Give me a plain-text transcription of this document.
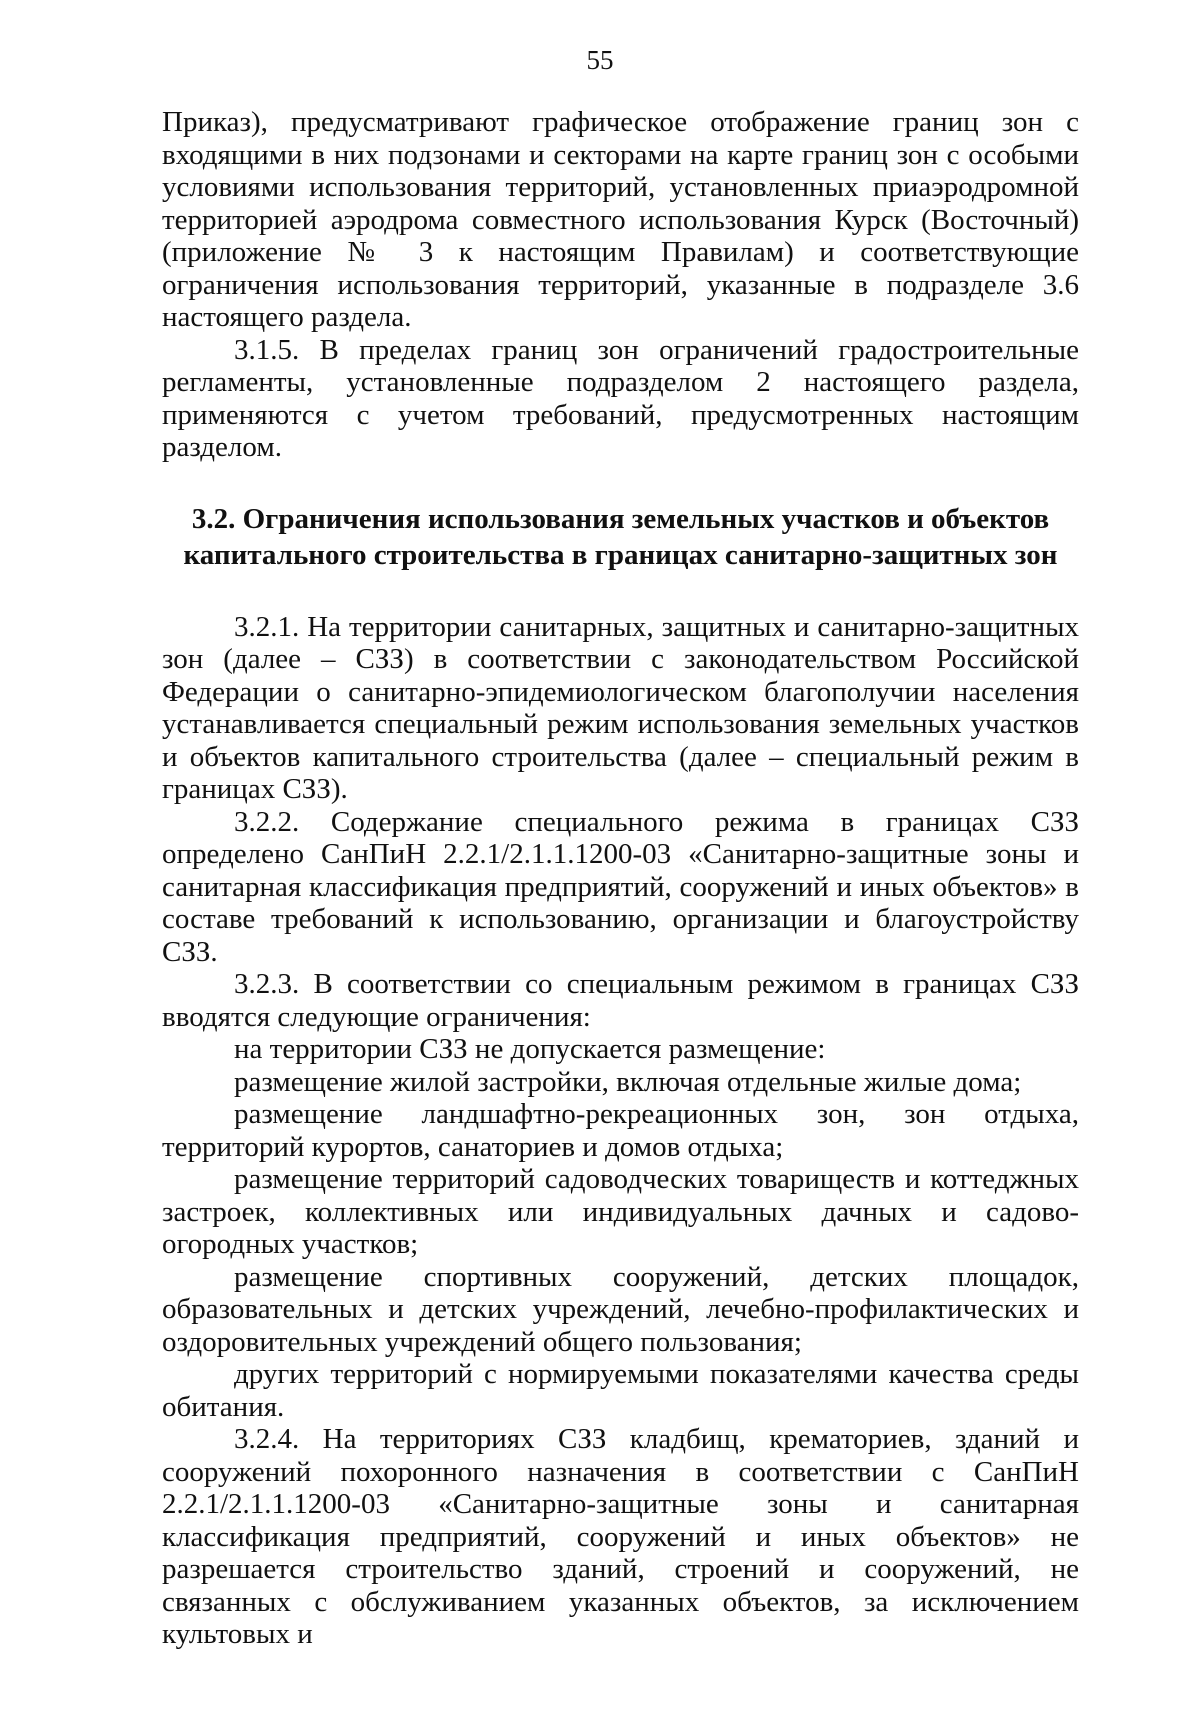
55

Приказ), предусматривают графическое отображение границ зон с входящими в них подзонами и секторами на карте границ зон с особыми условиями использования территорий, установленных приаэродромной территорией аэродрома совместного использования Курск (Восточный) (приложение № 3 к настоящим Правилам) и соответствующие ограничения использования территорий, указанные в подразделе 3.6 настоящего раздела.

3.1.5. В пределах границ зон ограничений градостроительные регламенты, установленные подразделом 2 настоящего раздела, применяются с учетом требований, предусмотренных настоящим разделом.

3.2. Ограничения использования земельных участков и объектов
капитального строительства в границах санитарно-защитных зон

3.2.1. На территории санитарных, защитных и санитарно-защитных зон (далее – СЗЗ) в соответствии с законодательством Российской Федерации о санитарно-эпидемиологическом благополучии населения устанавливается специальный режим использования земельных участков и объектов капитального строительства (далее – специальный режим в границах СЗЗ).

3.2.2. Содержание специального режима в границах СЗЗ определено СанПиН 2.2.1/2.1.1.1200-03 «Санитарно-защитные зоны и санитарная классификация предприятий, сооружений и иных объектов» в составе требований к использованию, организации и благоустройству СЗЗ.

3.2.3. В соответствии со специальным режимом в границах СЗЗ вводятся следующие ограничения:

на территории СЗЗ не допускается размещение:

размещение жилой застройки, включая отдельные жилые дома;

размещение ландшафтно-рекреационных зон, зон отдыха, территорий курортов, санаториев и домов отдыха;

размещение территорий садоводческих товариществ и коттеджных застроек, коллективных или индивидуальных дачных и садово-огородных участков;

размещение спортивных сооружений, детских площадок, образовательных и детских учреждений, лечебно-профилактических и оздоровительных учреждений общего пользования;

других территорий с нормируемыми показателями качества среды обитания.

3.2.4. На территориях СЗЗ кладбищ, крематориев, зданий и сооружений похоронного назначения в соответствии с СанПиН 2.2.1/2.1.1.1200-03 «Санитарно-защитные зоны и санитарная классификация предприятий, сооружений и иных объектов» не разрешается строительство зданий, строений и сооружений, не связанных с обслуживанием указанных объектов, за исключением культовых и
